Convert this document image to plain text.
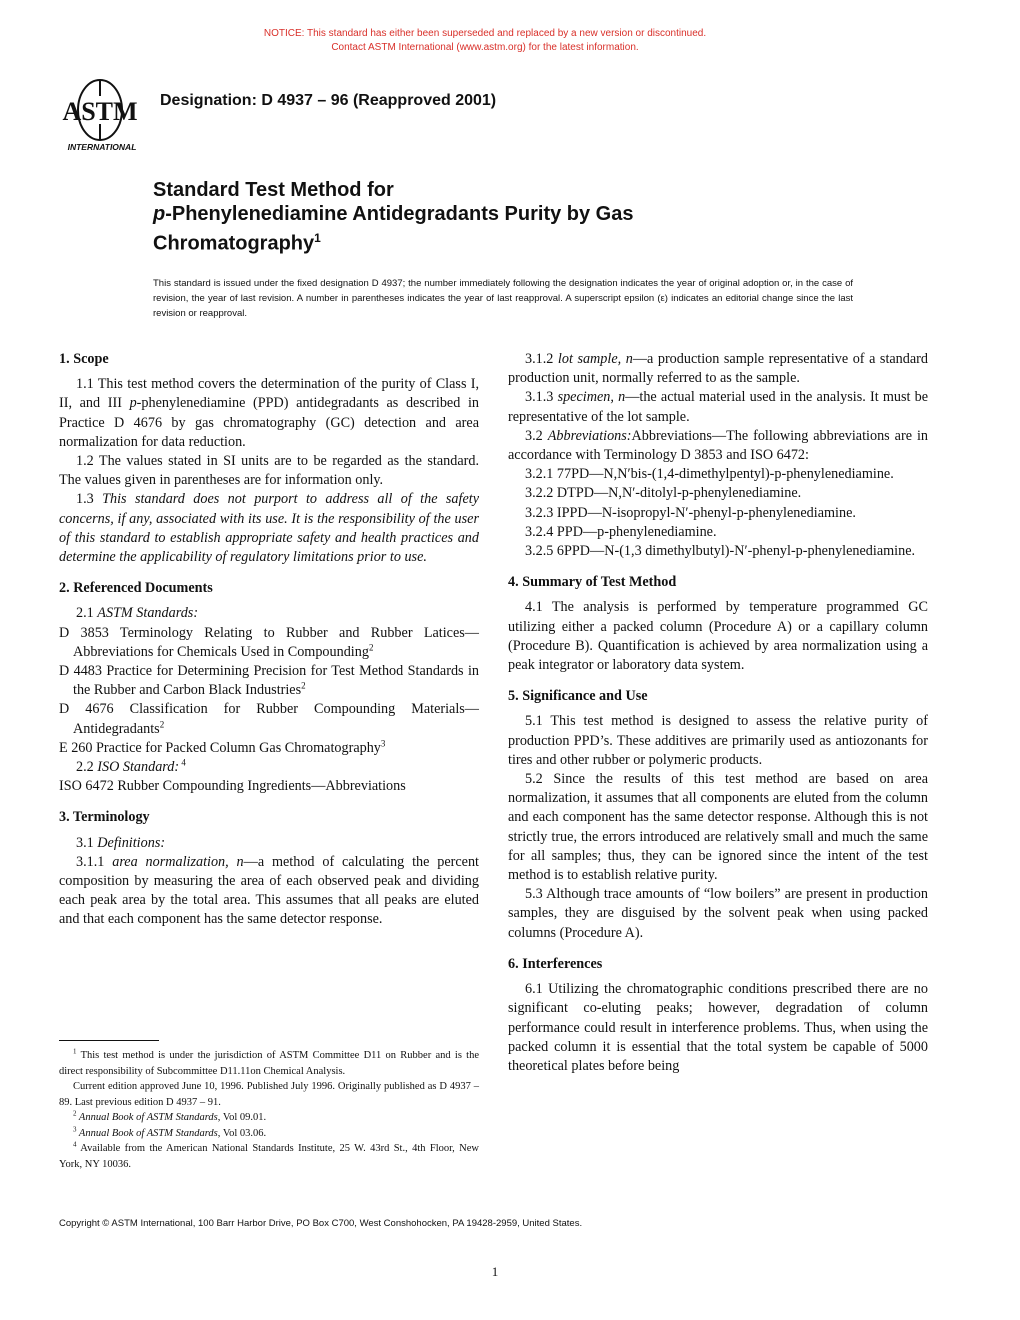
NOTICE: This standard has either been superseded and replaced by a new version or discontinued.
Contact ASTM International (www.astm.org) for the latest information.
ASTM
INTERNATIONAL
Designation: D 4937 – 96 (Reapproved 2001)
Standard Test Method for
p-Phenylenediamine Antidegradants Purity by Gas
Chromatography$^1$
This standard is issued under the fixed designation D 4937; the number immediately following the designation indicates the year of original adoption or, in the case of revision, the year of last revision. A number in parentheses indicates the year of last reapproval. A superscript epsilon (ε) indicates an editorial change since the last revision or reapproval.

1. Scope

1.1 This test method covers the determination of the purity of Class I, II, and III p-phenylenediamine (PPD) antidegradants as described in Practice D 4676 by gas chromatography (GC) detection and area normalization for data reduction.

1.2 The values stated in SI units are to be regarded as the standard. The values given in parentheses are for information only.

1.3 This standard does not purport to address all of the safety concerns, if any, associated with its use. It is the responsibility of the user of this standard to establish appropriate safety and health practices and determine the applicability of regulatory limitations prior to use.

2. Referenced Documents

2.1 ASTM Standards:

D 3853 Terminology Relating to Rubber and Rubber Latices—Abbreviations for Chemicals Used in Compounding$^2$

D 4483 Practice for Determining Precision for Test Method Standards in the Rubber and Carbon Black Industries$^2$

D 4676 Classification for Rubber Compounding Materials—Antidegradants$^2$

E 260 Practice for Packed Column Gas Chromatography$^3$

2.2 ISO Standard: $^4$

ISO 6472 Rubber Compounding Ingredients—Abbreviations

3. Terminology

3.1 Definitions:

3.1.1 area normalization, n—a method of calculating the percent composition by measuring the area of each observed peak and dividing each peak area by the total area. This assumes that all peaks are eluted and that each component has the same detector response.

$^1$ This test method is under the jurisdiction of ASTM Committee D11 on Rubber and is the direct responsibility of Subcommittee D11.11on Chemical Analysis.

Current edition approved June 10, 1996. Published July 1996. Originally published as D 4937 – 89. Last previous edition D 4937 – 91.

$^2$ Annual Book of ASTM Standards, Vol 09.01.

$^3$ Annual Book of ASTM Standards, Vol 03.06.

$^4$ Available from the American National Standards Institute, 25 W. 43rd St., 4th Floor, New York, NY 10036.

3.1.2 lot sample, n—a production sample representative of a standard production unit, normally referred to as the sample.

3.1.3 specimen, n—the actual material used in the analysis. It must be representative of the lot sample.

3.2 Abbreviations:Abbreviations—The following abbreviations are in accordance with Terminology D 3853 and ISO 6472:

3.2.1 77PD—N,N′bis-(1,4-dimethylpentyl)-p-phenylenediamine.

3.2.2 DTPD—N,N′-ditolyl-p-phenylenediamine.

3.2.3 IPPD—N-isopropyl-N′-phenyl-p-phenylenediamine.

3.2.4 PPD—p-phenylenediamine.

3.2.5 6PPD—N-(1,3 dimethylbutyl)-N′-phenyl-p-phenylenediamine.

4. Summary of Test Method

4.1 The analysis is performed by temperature programmed GC utilizing either a packed column (Procedure A) or a capillary column (Procedure B). Quantification is achieved by area normalization using a peak integrator or laboratory data system.

5. Significance and Use

5.1 This test method is designed to assess the relative purity of production PPD’s. These additives are primarily used as antiozonants for tires and other rubber or polymeric products.

5.2 Since the results of this test method are based on area normalization, it assumes that all components are eluted from the column and each component has the same detector response. Although this is not strictly true, the errors introduced are relatively small and much the same for all samples; thus, they can be ignored since the intent of the test method is to establish relative purity.

5.3 Although trace amounts of “low boilers” are present in production samples, they are disguised by the solvent peak when using packed columns (Procedure A).

6. Interferences

6.1 Utilizing the chromatographic conditions prescribed there are no significant co-eluting peaks; however, degradation of column performance could result in interference problems. Thus, when using the packed column it is essential that the total system be capable of 5000 theoretical plates before being

Copyright © ASTM International, 100 Barr Harbor Drive, PO Box C700, West Conshohocken, PA 19428-2959, United States.
1
